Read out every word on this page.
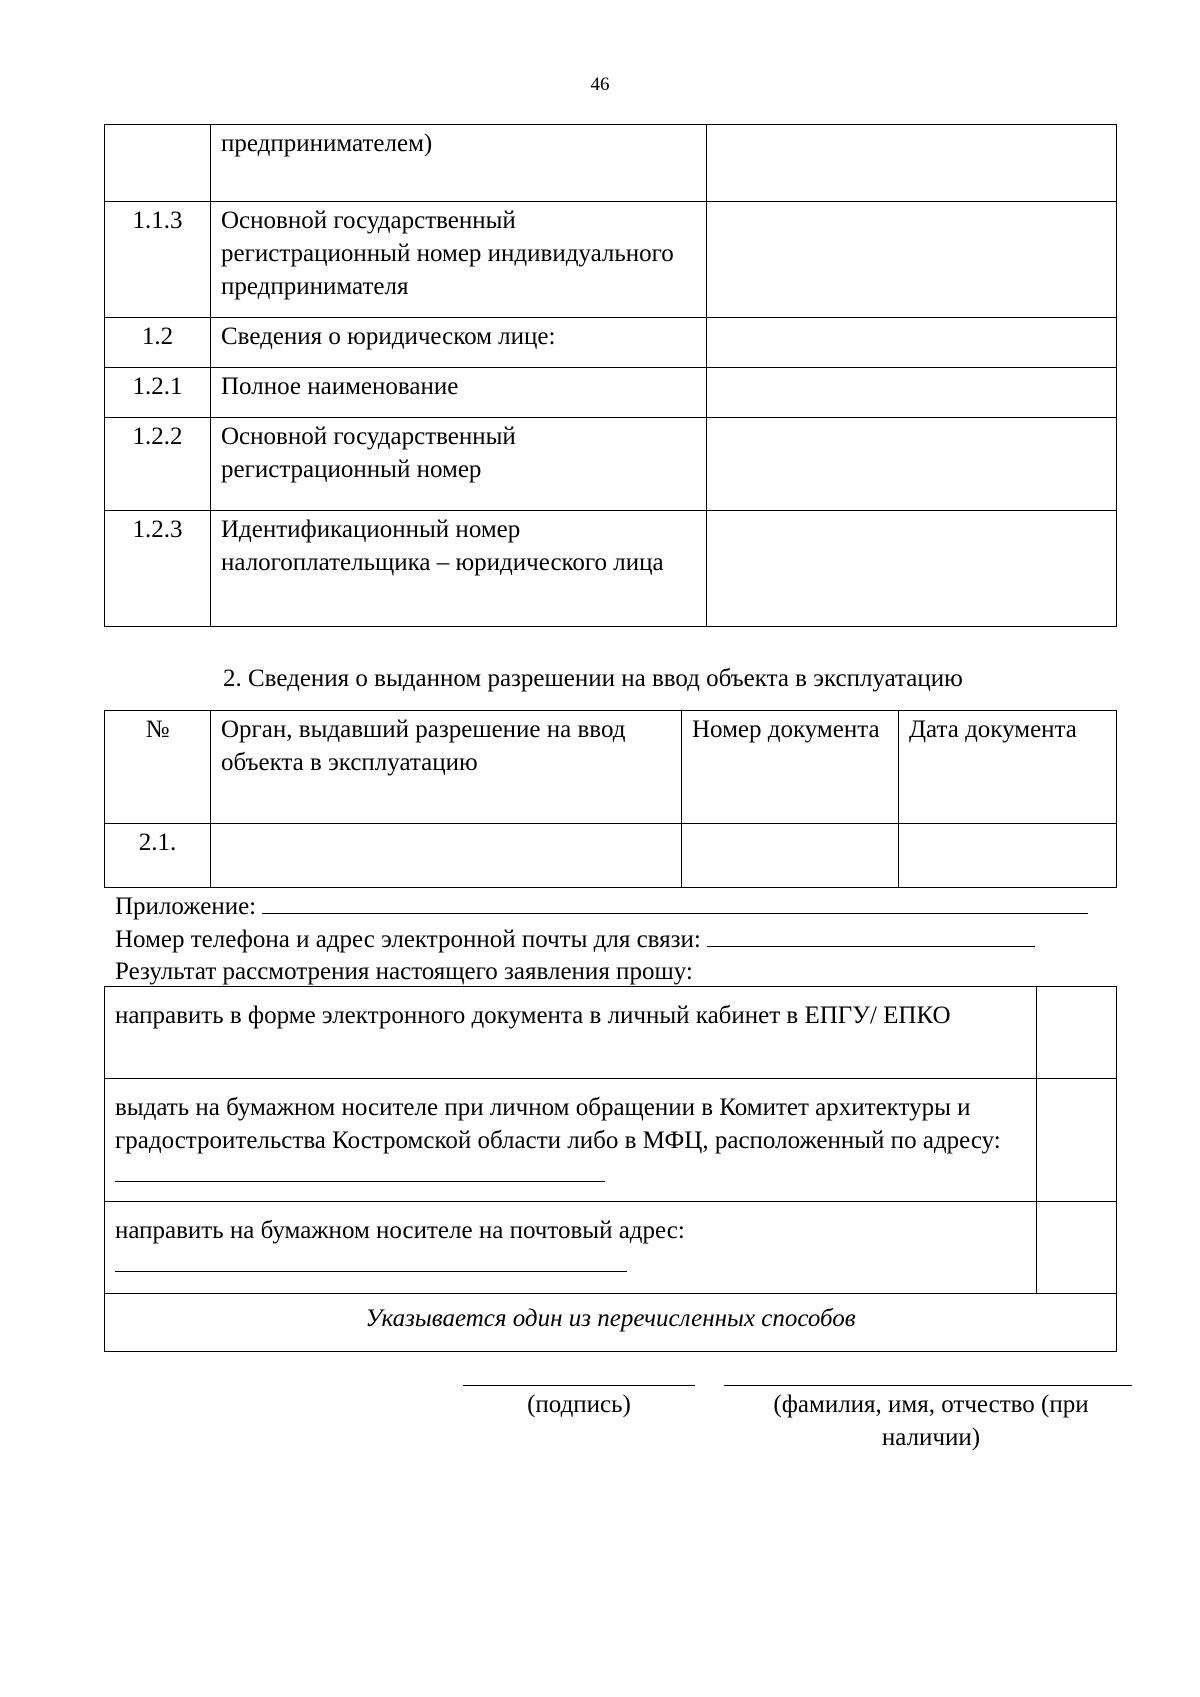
46

	предпринимателем)	

1.1.3	Основной государственный регистрационный номер индивидуального предпринимателя	

1.2	Сведения о юридическом лице:	

1.2.1	Полное наименование	

1.2.2	Основной государственный регистрационный номер	

1.2.3	Идентификационный номер налогоплательщика – юридического лица	

2. Сведения о выданном разрешении на ввод объекта в эксплуатацию
№	Орган, выдавший разрешение на ввод объекта в эксплуатацию	Номер документа	Дата документа

2.1.			

Приложение:
Номер телефона и адрес электронной почты для связи:
Результат рассмотрения настоящего заявления прошу:
направить в форме электронного документа в личный кабинет в ЕПГУ/ ЕПКО	

выдать на бумажном носителе при личном обращении в Комитет архитектуры и градостроительства Костромской области либо в МФЦ, расположенный по адресу:	

направить на бумажном носителе на почтовый адрес:	

Указывается один из перечисленных способов	
(подпись)	(фамилия, имя, отчество (при наличии)
